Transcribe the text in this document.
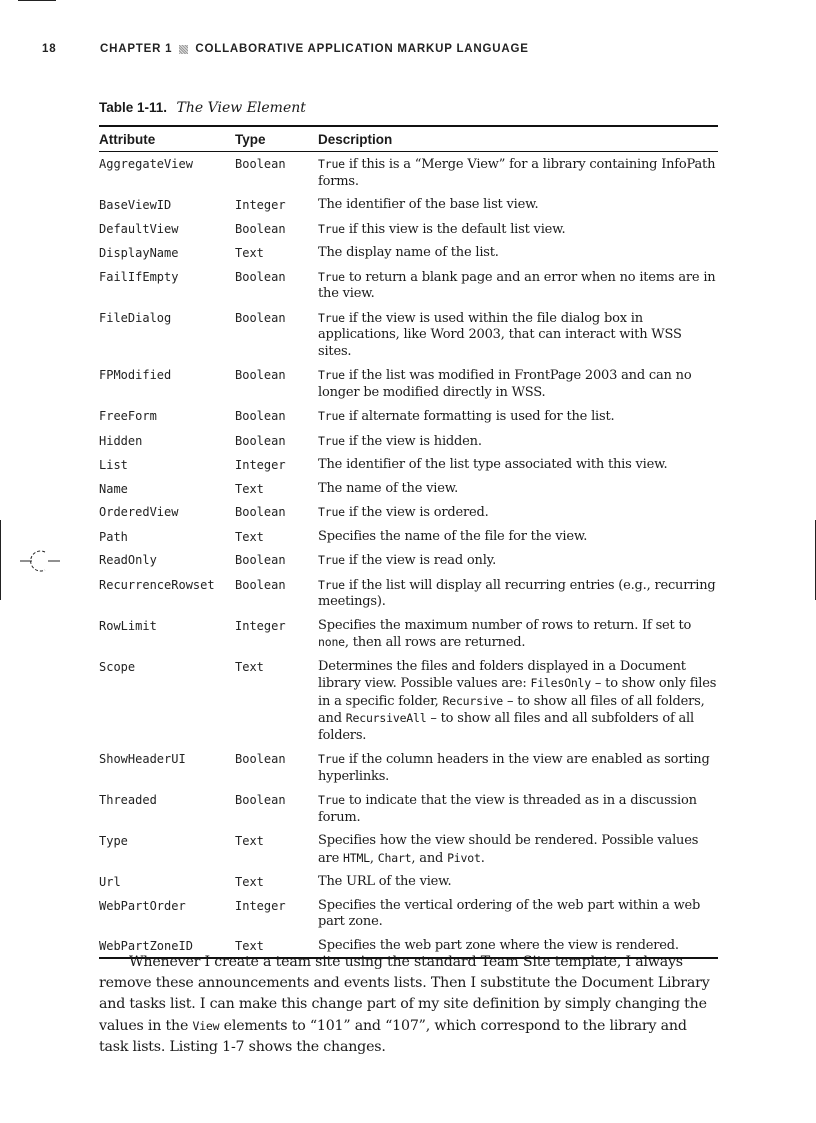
18	CHAPTER 1 COLLABORATIVE APPLICATION MARKUP LANGUAGE
Table 1-11. The View Element
Attribute	Type	Description
AggregateView	Boolean	True if this is a “Merge View” for a library containing InfoPath forms.
BaseViewID	Integer	The identifier of the base list view.
DefaultView	Boolean	True if this view is the default list view.
DisplayName	Text	The display name of the list.
FailIfEmpty	Boolean	True to return a blank page and an error when no items are in the view.
FileDialog	Boolean	True if the view is used within the file dialog box in applications, like Word 2003, that can interact with WSS sites.
FPModified	Boolean	True if the list was modified in FrontPage 2003 and can no longer be modified directly in WSS.
FreeForm	Boolean	True if alternate formatting is used for the list.
Hidden	Boolean	True if the view is hidden.
List	Integer	The identifier of the list type associated with this view.
Name	Text	The name of the view.
OrderedView	Boolean	True if the view is ordered.
Path	Text	Specifies the name of the file for the view.
ReadOnly	Boolean	True if the view is read only.
RecurrenceRowset	Boolean	True if the list will display all recurring entries (e.g., recurring meetings).
RowLimit	Integer	Specifies the maximum number of rows to return. If set to none, then all rows are returned.
Scope	Text	Determines the files and folders displayed in a Document library view. Possible values are: FilesOnly – to show only files in a specific folder, Recursive – to show all files of all folders, and RecursiveAll – to show all files and all subfolders of all folders.
ShowHeaderUI	Boolean	True if the column headers in the view are enabled as sorting hyperlinks.
Threaded	Boolean	True to indicate that the view is threaded as in a discussion forum.
Type	Text	Specifies how the view should be rendered. Possible values are HTML, Chart, and Pivot.
Url	Text	The URL of the view.
WebPartOrder	Integer	Specifies the vertical ordering of the web part within a web part zone.
WebPartZoneID	Text	Specifies the web part zone where the view is rendered.

Whenever I create a team site using the standard Team Site template, I always remove these announcements and events lists. Then I substitute the Document Library and tasks list. I can make this change part of my site definition by simply changing the values in the View elements to “101” and “107”, which correspond to the library and task lists. Listing 1-7 shows the changes.
